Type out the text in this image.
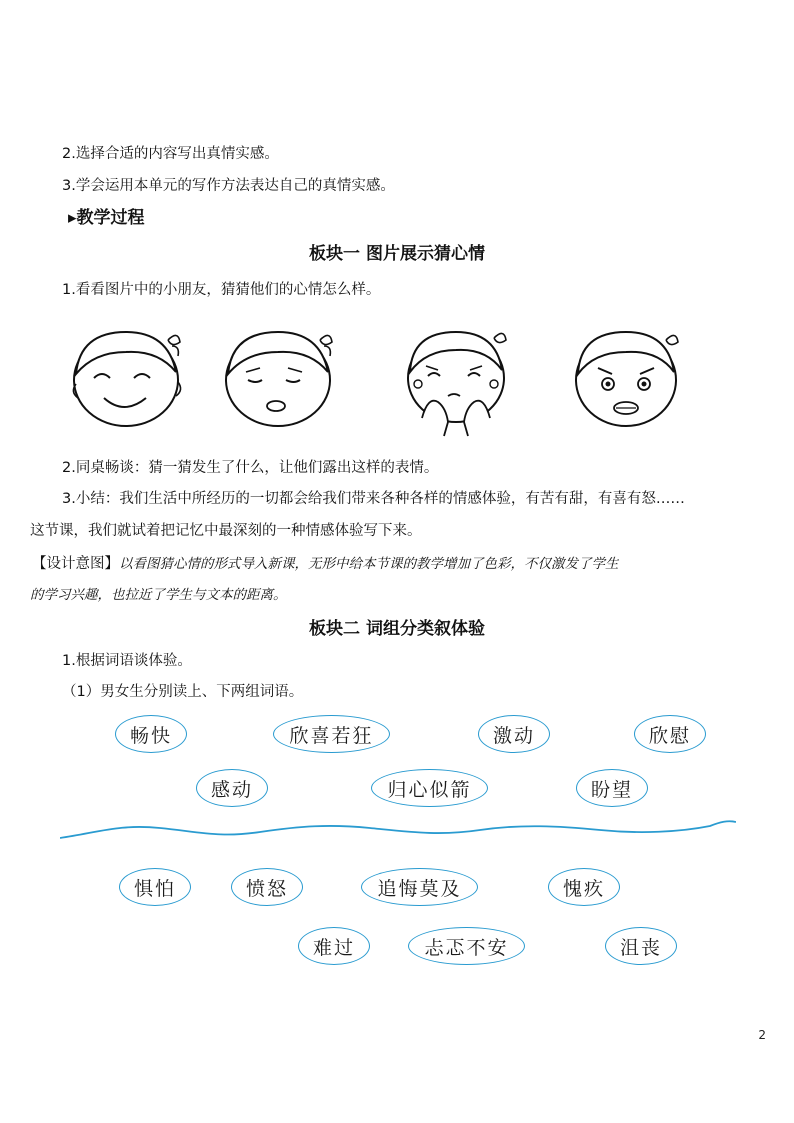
2.选择合适的内容写出真情实感。
3.学会运用本单元的写作方法表达自己的真情实感。
▸教学过程
板块一 图片展示猜心情
1.看看图片中的小朋友，猜猜他们的心情怎么样。
2.同桌畅谈：猜一猜发生了什么，让他们露出这样的表情。
3.小结：我们生活中所经历的一切都会给我们带来各种各样的情感体验，有苦有甜，有喜有怒……
这节课，我们就试着把记忆中最深刻的一种情感体验写下来。
【设计意图】以看图猜心情的形式导入新课，无形中给本节课的教学增加了色彩，不仅激发了学生
的学习兴趣，也拉近了学生与文本的距离。
板块二 词组分类叙体验
1.根据词语谈体验。
（1）男女生分别读上、下两组词语。
畅快	欣喜若狂	激动	欣慰
感动	归心似箭	盼望
惧怕	愤怒	追悔莫及	愧疚
难过	忐忑不安	沮丧
2
